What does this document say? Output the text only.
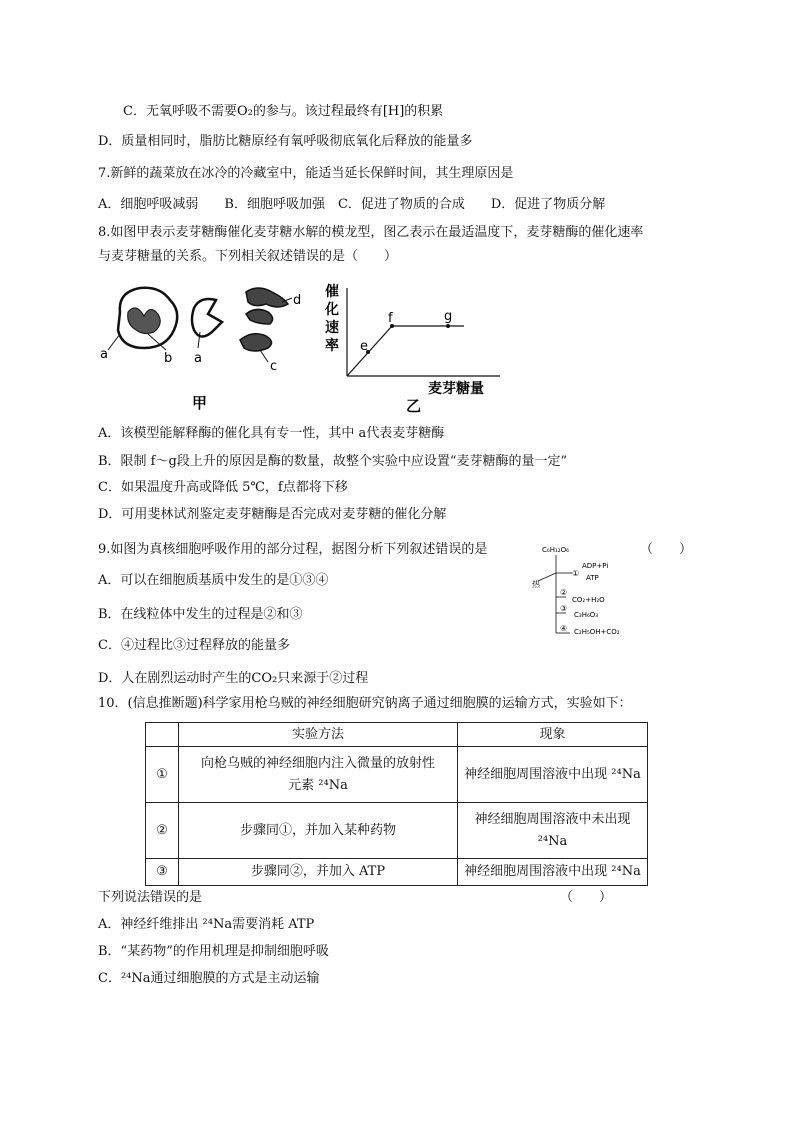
C．无氧呼吸不需要O₂的参与。该过程最终有[H]的积累
D．质量相同时，脂肪比糖原经有氧呼吸彻底氧化后释放的能量多
7.新鲜的蔬菜放在冰冷的冷藏室中，能适当延长保鲜时间，其生理原因是
A．细胞呼吸减弱　　B．细胞呼吸加强　C．促进了物质的合成　　D．促进了物质分解
8.如图甲表示麦芽糖酶催化麦芽糖水解的模龙型，图乙表示在最适温度下，麦芽糖酶的催化速率
与麦芽糖量的关系。下列相关叙述错误的是（　　）
a	b a
d
c
甲
催
化
速
率 e
f	g
麦芽糖量
乙
A．该模型能解释酶的催化具有专一性，其中 a代表麦芽糖酶
B．限制 f～g段上升的原因是酶的数量，故整个实验中应设置“麦芽糖酶的量一定”
C．如果温度升高或降低 5℃，f点都将下移
D．可用斐林试剂鉴定麦芽糖酶是否完成对麦芽糖的催化分解
9.如图为真核细胞呼吸作用的部分过程，据图分析下列叙述错误的是	（　　）
A．可以在细胞质基质中发生的是①③④
B．在线粒体中发生的过程是②和③
C．④过程比③过程释放的能量多
D．人在剧烈运动时产生的CO₂只来源于②过程
C₆H₁₂O₆
热
①
ADP+Pi
ATP
②
CO₂+H₂O
③
C₃H₆O₃
④ C₂H₅OH+CO₂
10．(信息推断题)科学家用枪乌贼的神经细胞研究钠离子通过细胞膜的运输方式，实验如下：
	实验方法	现象
①	向枪乌贼的神经细胞内注入微量的放射性
元素 ²⁴Na	神经细胞周围溶液中出现 ²⁴Na

②	步骤同①，并加入某种药物	神经细胞周围溶液中未出现
²⁴Na

③	步骤同②，并加入 ATP	神经细胞周围溶液中出现 ²⁴Na
下列说法错误的是	（　　）
A．神经纤维排出 ²⁴Na需要消耗 ATP
B．“某药物”的作用机理是抑制细胞呼吸
C．²⁴Na通过细胞膜的方式是主动运输
